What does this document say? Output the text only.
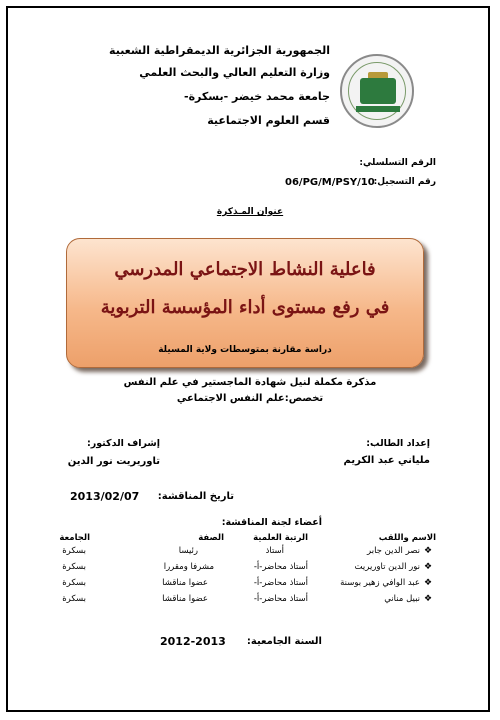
الجمهورية الجزائرية الديمقراطية الشعبية
وزارة التعليم العالي والبحث العلمي
جامعة محمد خيضر -بسكرة-
قسم العلوم الاجتماعية
الرقم التسلسلي:
رقم التسجيل:
06/PG/M/PSY/10
عنوان المـذكرة
فاعلية النشاط الاجتماعي المدرسي
في رفع مستوى أداء المؤسسة التربوية
دراسة مقارنة بمتوسطات ولاية المسيلة
مذكرة مكملة لنيل شهادة الماجستير في علم النفس
تخصص:علم النفس الاجتماعي
إعداد الطالب:
ملياني عبد الكريم
إشراف الدكتور:
تاوريريت نور الدين
تاريخ المناقشة:
2013/02/07
أعضاء لجنة المناقشة:
الاسم واللقب
الرتبة العلمية
الصفة
الجامعة
❖
نصر الدين جابر
أستاذ
رئيسا
بسكرة
❖
نور الدين تاوريريت
أستاذ محاضر-أ-
مشرفا ومقررا
بسكرة
❖
عبد الوافي زهير بوسنة
أستاذ محاضر-أ-
عضوا مناقشا
بسكرة
❖
نبيل مناني
أستاذ محاضر-أ-
عضوا مناقشا
بسكرة
السنة الجامعية:
2012-2013
